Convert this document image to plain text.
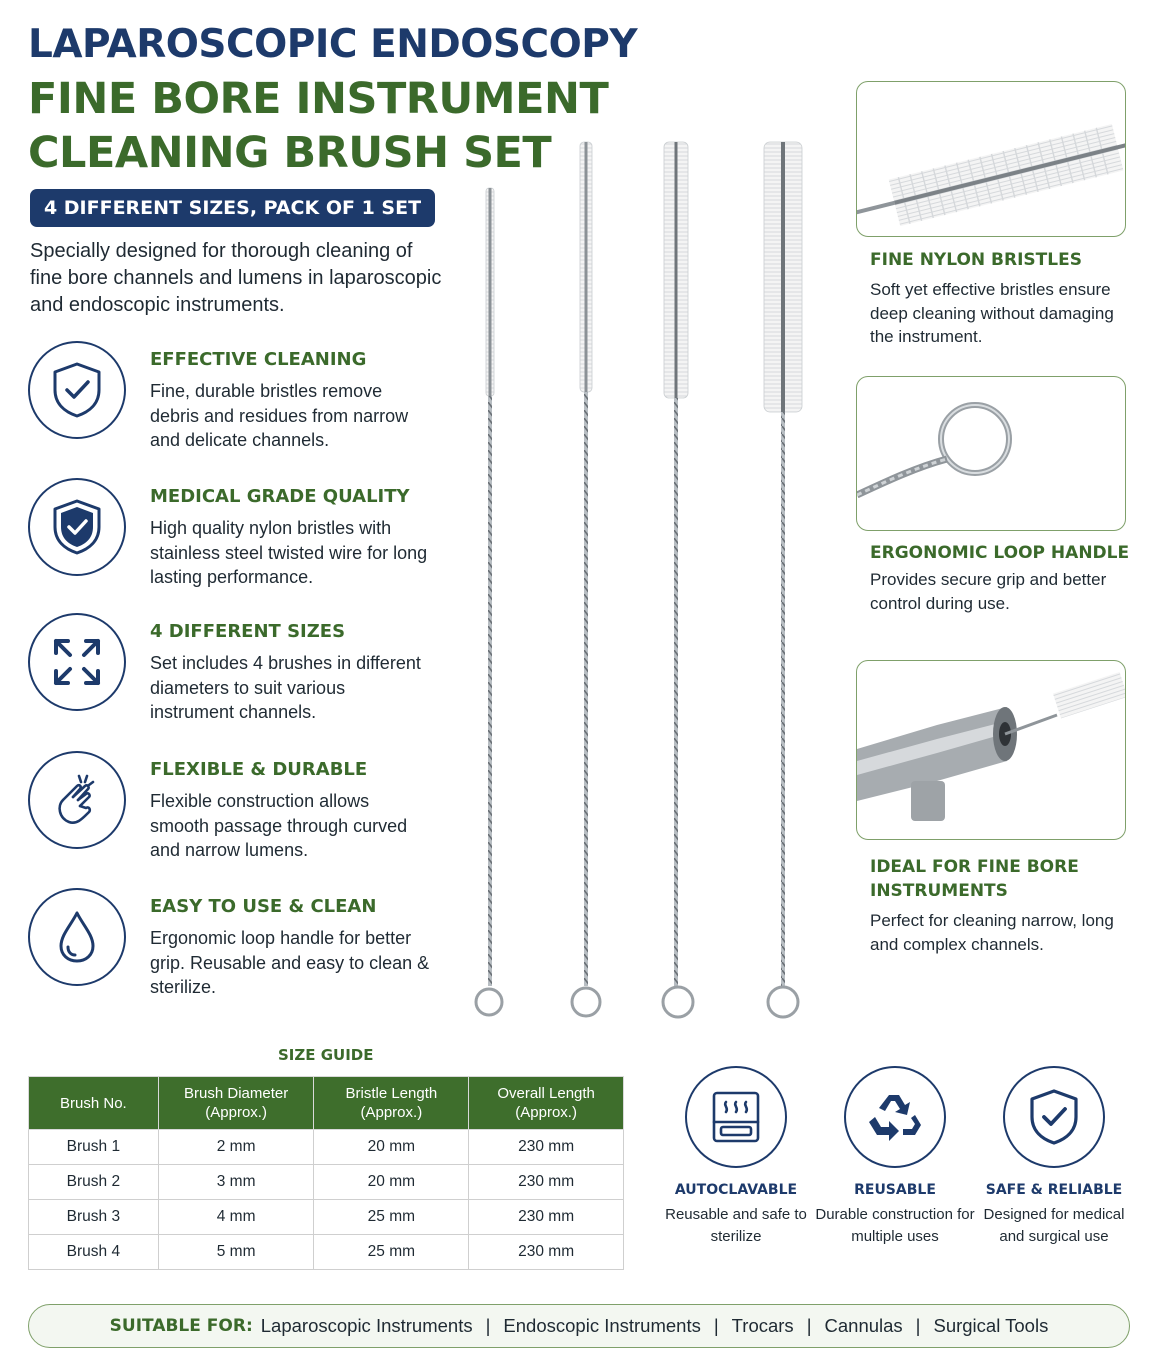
LAPAROSCOPIC ENDOSCOPY
FINE BORE INSTRUMENT
CLEANING BRUSH SET
4 DIFFERENT SIZES, PACK OF 1 SET
Specially designed for thorough cleaning of fine bore channels and lumens in laparoscopic and endoscopic instruments.
EFFECTIVE CLEANING
Fine, durable bristles remove debris and residues from narrow and delicate channels.
MEDICAL GRADE QUALITY
High quality nylon bristles with stainless steel twisted wire for long lasting performance.
4 DIFFERENT SIZES
Set includes 4 brushes in different diameters to suit various instrument channels.
FLEXIBLE & DURABLE
Flexible construction allows smooth passage through curved and narrow lumens.
EASY TO USE & CLEAN
Ergonomic loop handle for better grip. Reusable and easy to clean & sterilize.
FINE NYLON BRISTLES
Soft yet effective bristles ensure deep cleaning without damaging the instrument.
ERGONOMIC LOOP HANDLE
Provides secure grip and better control during use.
IDEAL FOR FINE BORE INSTRUMENTS
Perfect for cleaning narrow, long and complex channels.
SIZE GUIDE
Brush No.	Brush Diameter (Approx.)	Bristle Length (Approx.)	Overall Length (Approx.)
Brush 1	2 mm	20 mm	230 mm
Brush 2	3 mm	20 mm	230 mm
Brush 3	4 mm	25 mm	230 mm
Brush 4	5 mm	25 mm	230 mm
AUTOCLAVABLE
Reusable and safe to sterilize
REUSABLE
Durable construction for multiple uses
SAFE & RELIABLE
Designed for medical and surgical use
SUITABLE FOR: Laparoscopic Instruments | Endoscopic Instruments | Trocars | Cannulas | Surgical Tools
